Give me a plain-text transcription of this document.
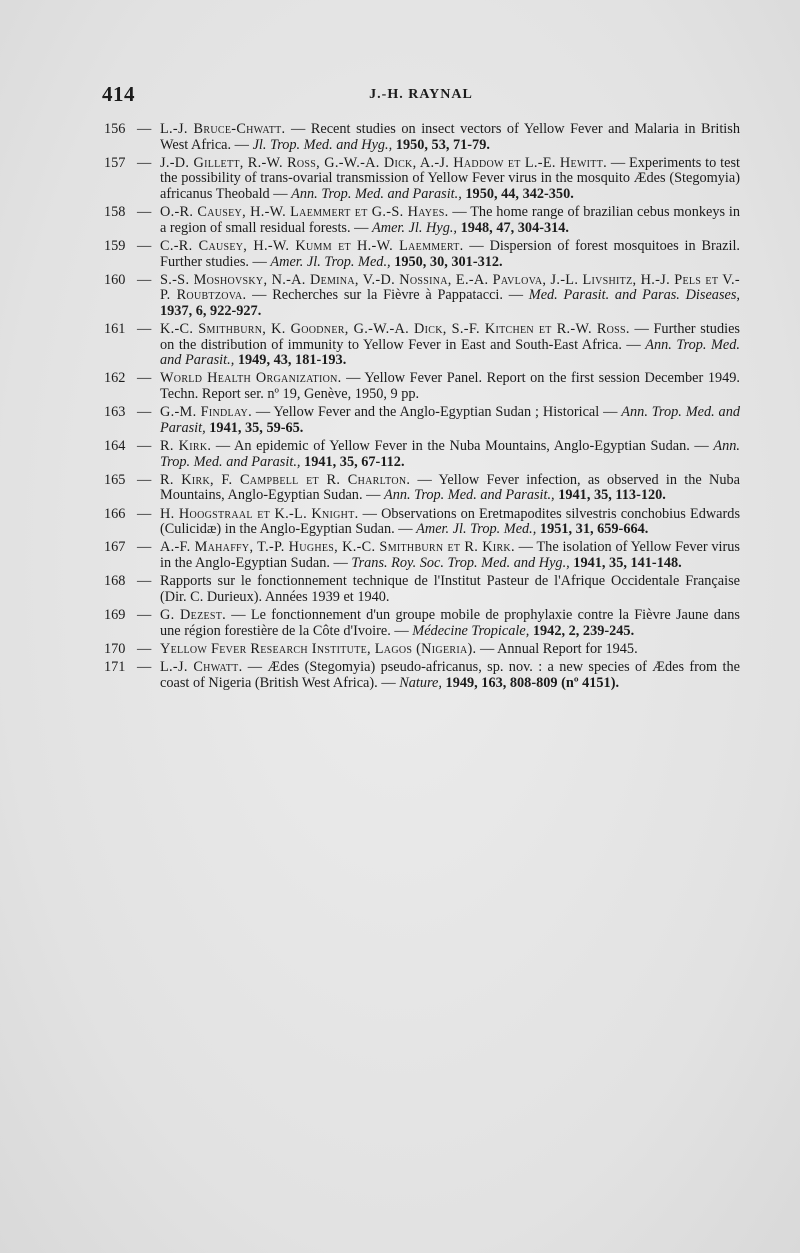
414	J.-H. RAYNAL
156 — L.-J. Bruce-Chwatt. — Recent studies on insect vectors of Yellow Fever and Malaria in British West Africa. — Jl. Trop. Med. and Hyg., 1950, 53, 71-79.
157 — J.-D. Gillett, R.-W. Ross, G.-W.-A. Dick, A.-J. Haddow et L.-E. Hewitt. — Experiments to test the possibility of trans-ovarial transmission of Yellow Fever virus in the mosquito Ædes (Stegomyia) africanus Theobald — Ann. Trop. Med. and Parasit., 1950, 44, 342-350.
158 — O.-R. Causey, H.-W. Laemmert et G.-S. Hayes. — The home range of brazilian cebus monkeys in a region of small residual forests. — Amer. Jl. Hyg., 1948, 47, 304-314.
159 — C.-R. Causey, H.-W. Kumm et H.-W. Laemmert. — Dispersion of forest mosquitoes in Brazil. Further studies. — Amer. Jl. Trop. Med., 1950, 30, 301-312.
160 — S.-S. Moshovsky, N.-A. Demina, V.-D. Nossina, E.-A. Pavlova, J.-L. Livshitz, H.-J. Pels et V.-P. Roubtzova. — Recherches sur la Fièvre à Pappatacci. — Med. Parasit. and Paras. Diseases, 1937, 6, 922-927.
161 — K.-C. Smithburn, K. Goodner, G.-W.-A. Dick, S.-F. Kitchen et R.-W. Ross. — Further studies on the distribution of immunity to Yellow Fever in East and South-East Africa. — Ann. Trop. Med. and Parasit., 1949, 43, 181-193.
162 — World Health Organization. — Yellow Fever Panel. Report on the first session December 1949. Techn. Report ser. nº 19, Genève, 1950, 9 pp.
163 — G.-M. Findlay. — Yellow Fever and the Anglo-Egyptian Sudan ; Historical — Ann. Trop. Med. and Parasit, 1941, 35, 59-65.
164 — R. Kirk. — An epidemic of Yellow Fever in the Nuba Mountains, Anglo-Egyptian Sudan. — Ann. Trop. Med. and Parasit., 1941, 35, 67-112.
165 — R. Kirk, F. Campbell et R. Charlton. — Yellow Fever infection, as observed in the Nuba Mountains, Anglo-Egyptian Sudan. — Ann. Trop. Med. and Parasit., 1941, 35, 113-120.
166 — H. Hoogstraal et K.-L. Knight. — Observations on Eretmapodites silvestris conchobius Edwards (Culicidæ) in the Anglo-Egyptian Sudan. — Amer. Jl. Trop. Med., 1951, 31, 659-664.
167 — A.-F. Mahaffy, T.-P. Hughes, K.-C. Smithburn et R. Kirk. — The isolation of Yellow Fever virus in the Anglo-Egyptian Sudan. — Trans. Roy. Soc. Trop. Med. and Hyg., 1941, 35, 141-148.
168 — Rapports sur le fonctionnement technique de l'Institut Pasteur de l'Afrique Occidentale Française (Dir. C. Durieux). Années 1939 et 1940.
169 — G. Dezest. — Le fonctionnement d'un groupe mobile de prophylaxie contre la Fièvre Jaune dans une région forestière de la Côte d'Ivoire. — Médecine Tropicale, 1942, 2, 239-245.
170 — Yellow Fever Research Institute, Lagos (Nigeria). — Annual Report for 1945.
171 — L.-J. Chwatt. — Ædes (Stegomyia) pseudo-africanus, sp. nov. : a new species of Ædes from the coast of Nigeria (British West Africa). — Nature, 1949, 163, 808-809 (nº 4151).
